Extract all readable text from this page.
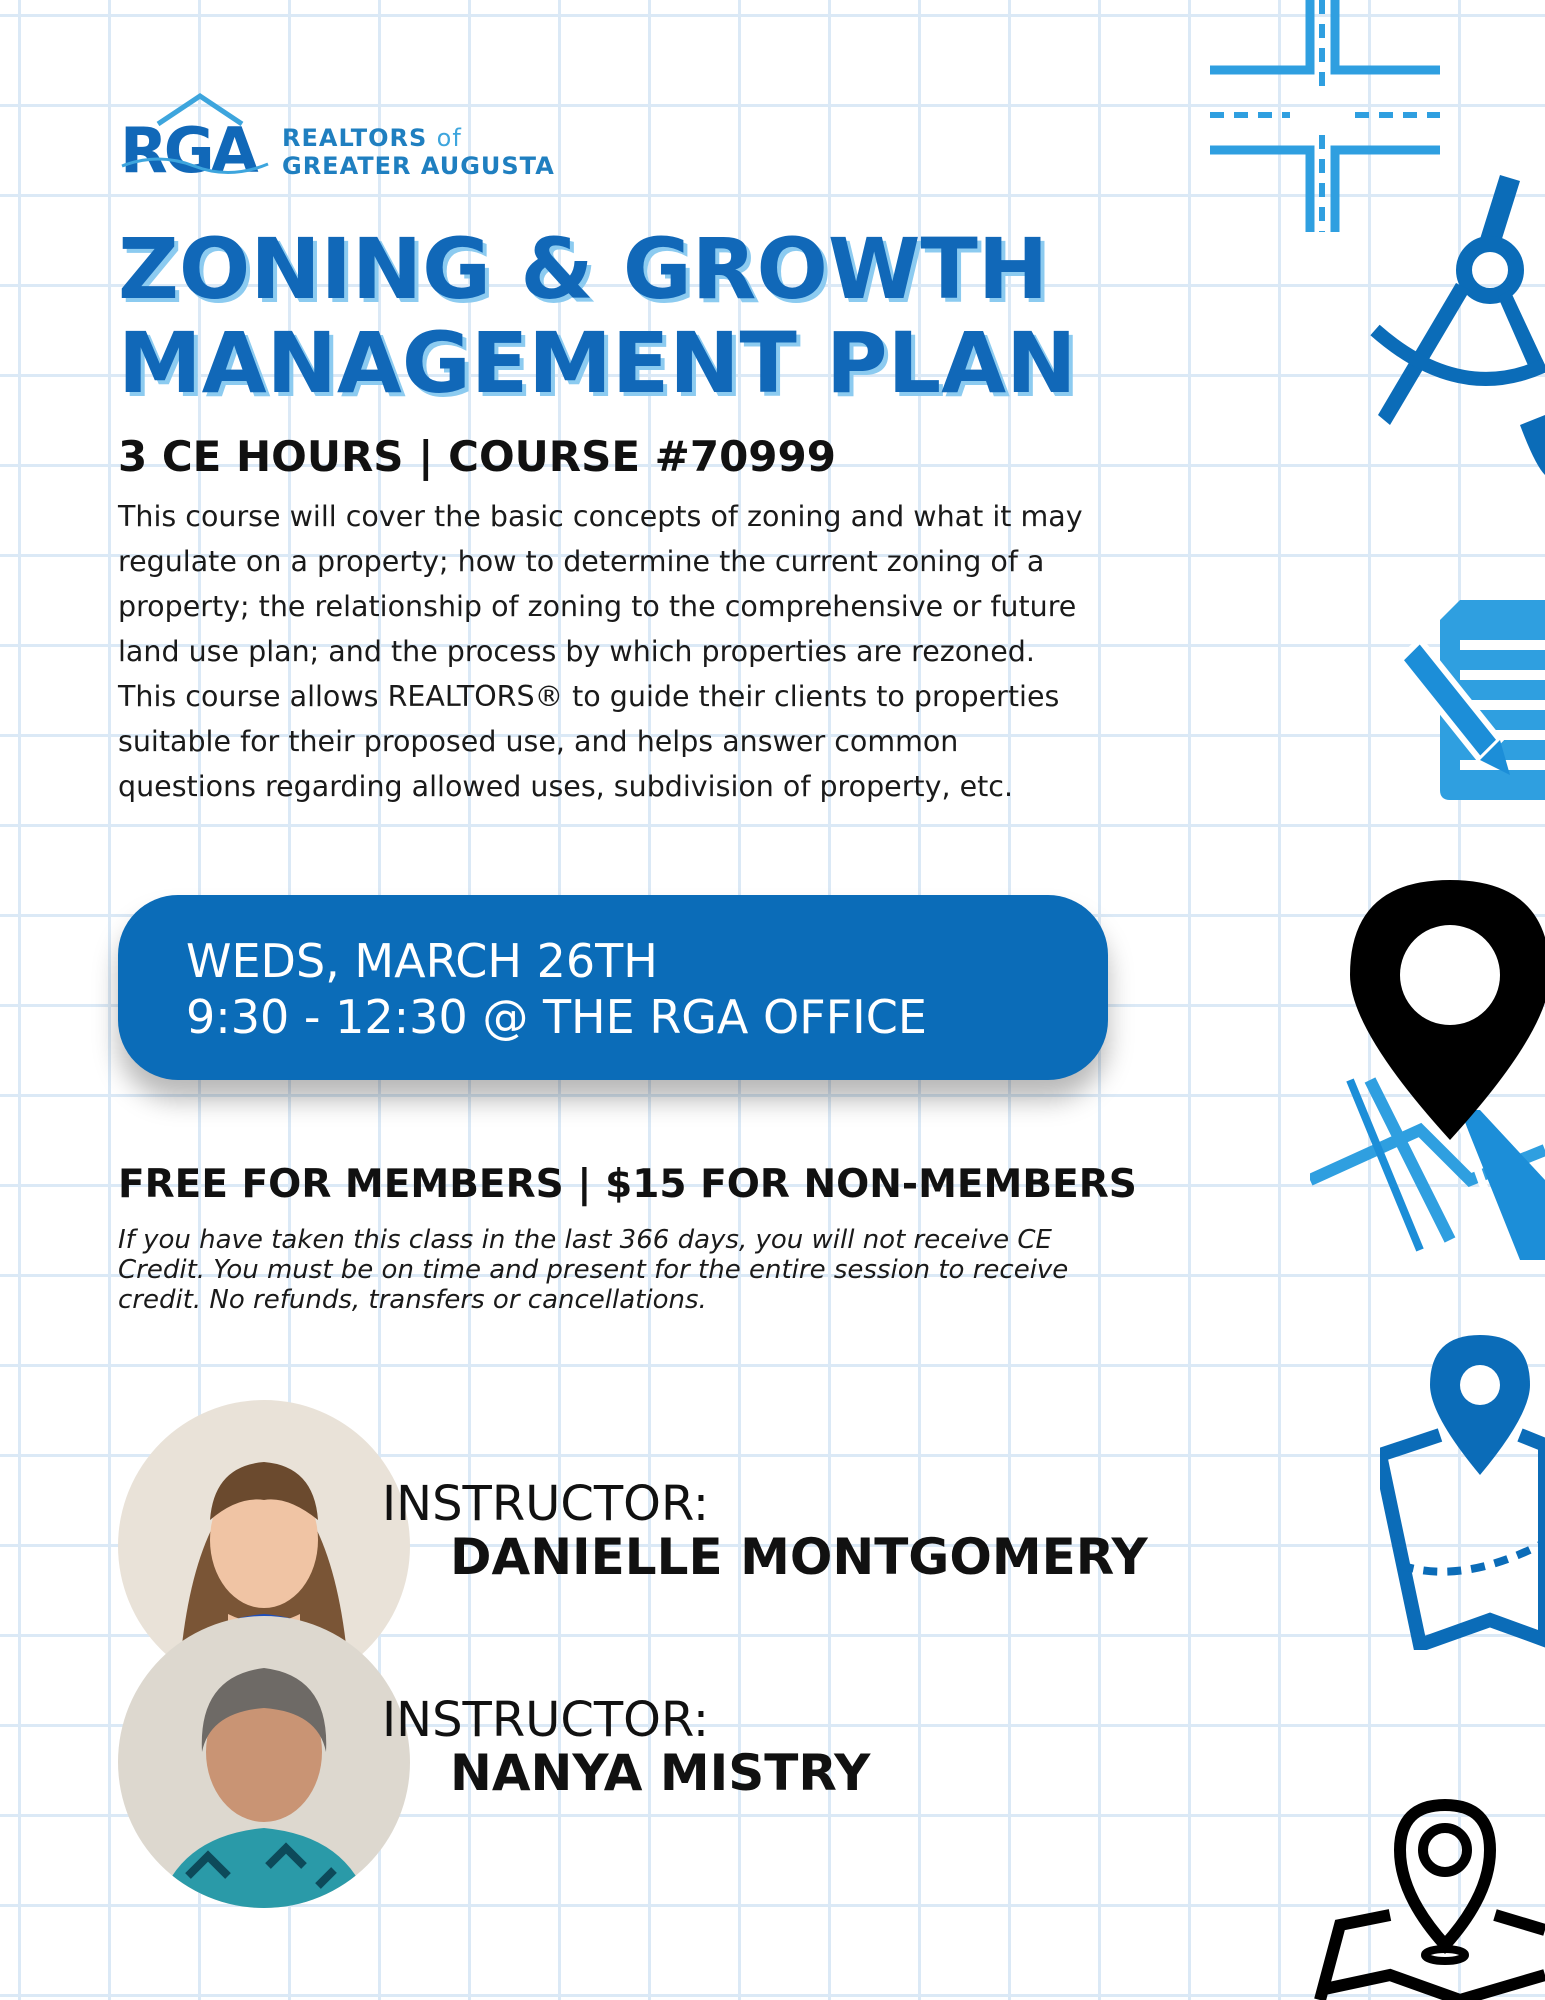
RGA REALTORS of
GREATER AUGUSTA
ZONING & GROWTH
MANAGEMENT PLAN
3 CE HOURS | COURSE #70999
This course will cover the basic concepts of zoning and what it may
regulate on a property; how to determine the current zoning of a
property; the relationship of zoning to the comprehensive or future
land use plan; and the process by which properties are rezoned.
This course allows REALTORS® to guide their clients to properties
suitable for their proposed use, and helps answer common
questions regarding allowed uses, subdivision of property, etc.
WEDS, MARCH 26TH
9:30 - 12:30 @ THE RGA OFFICE
FREE FOR MEMBERS | $15 FOR NON-MEMBERS
If you have taken this class in the last 366 days, you will not receive CE
Credit. You must be on time and present for the entire session to receive
credit. No refunds, transfers or cancellations.
INSTRUCTOR:
DANIELLE MONTGOMERY
INSTRUCTOR:
NANYA MISTRY
